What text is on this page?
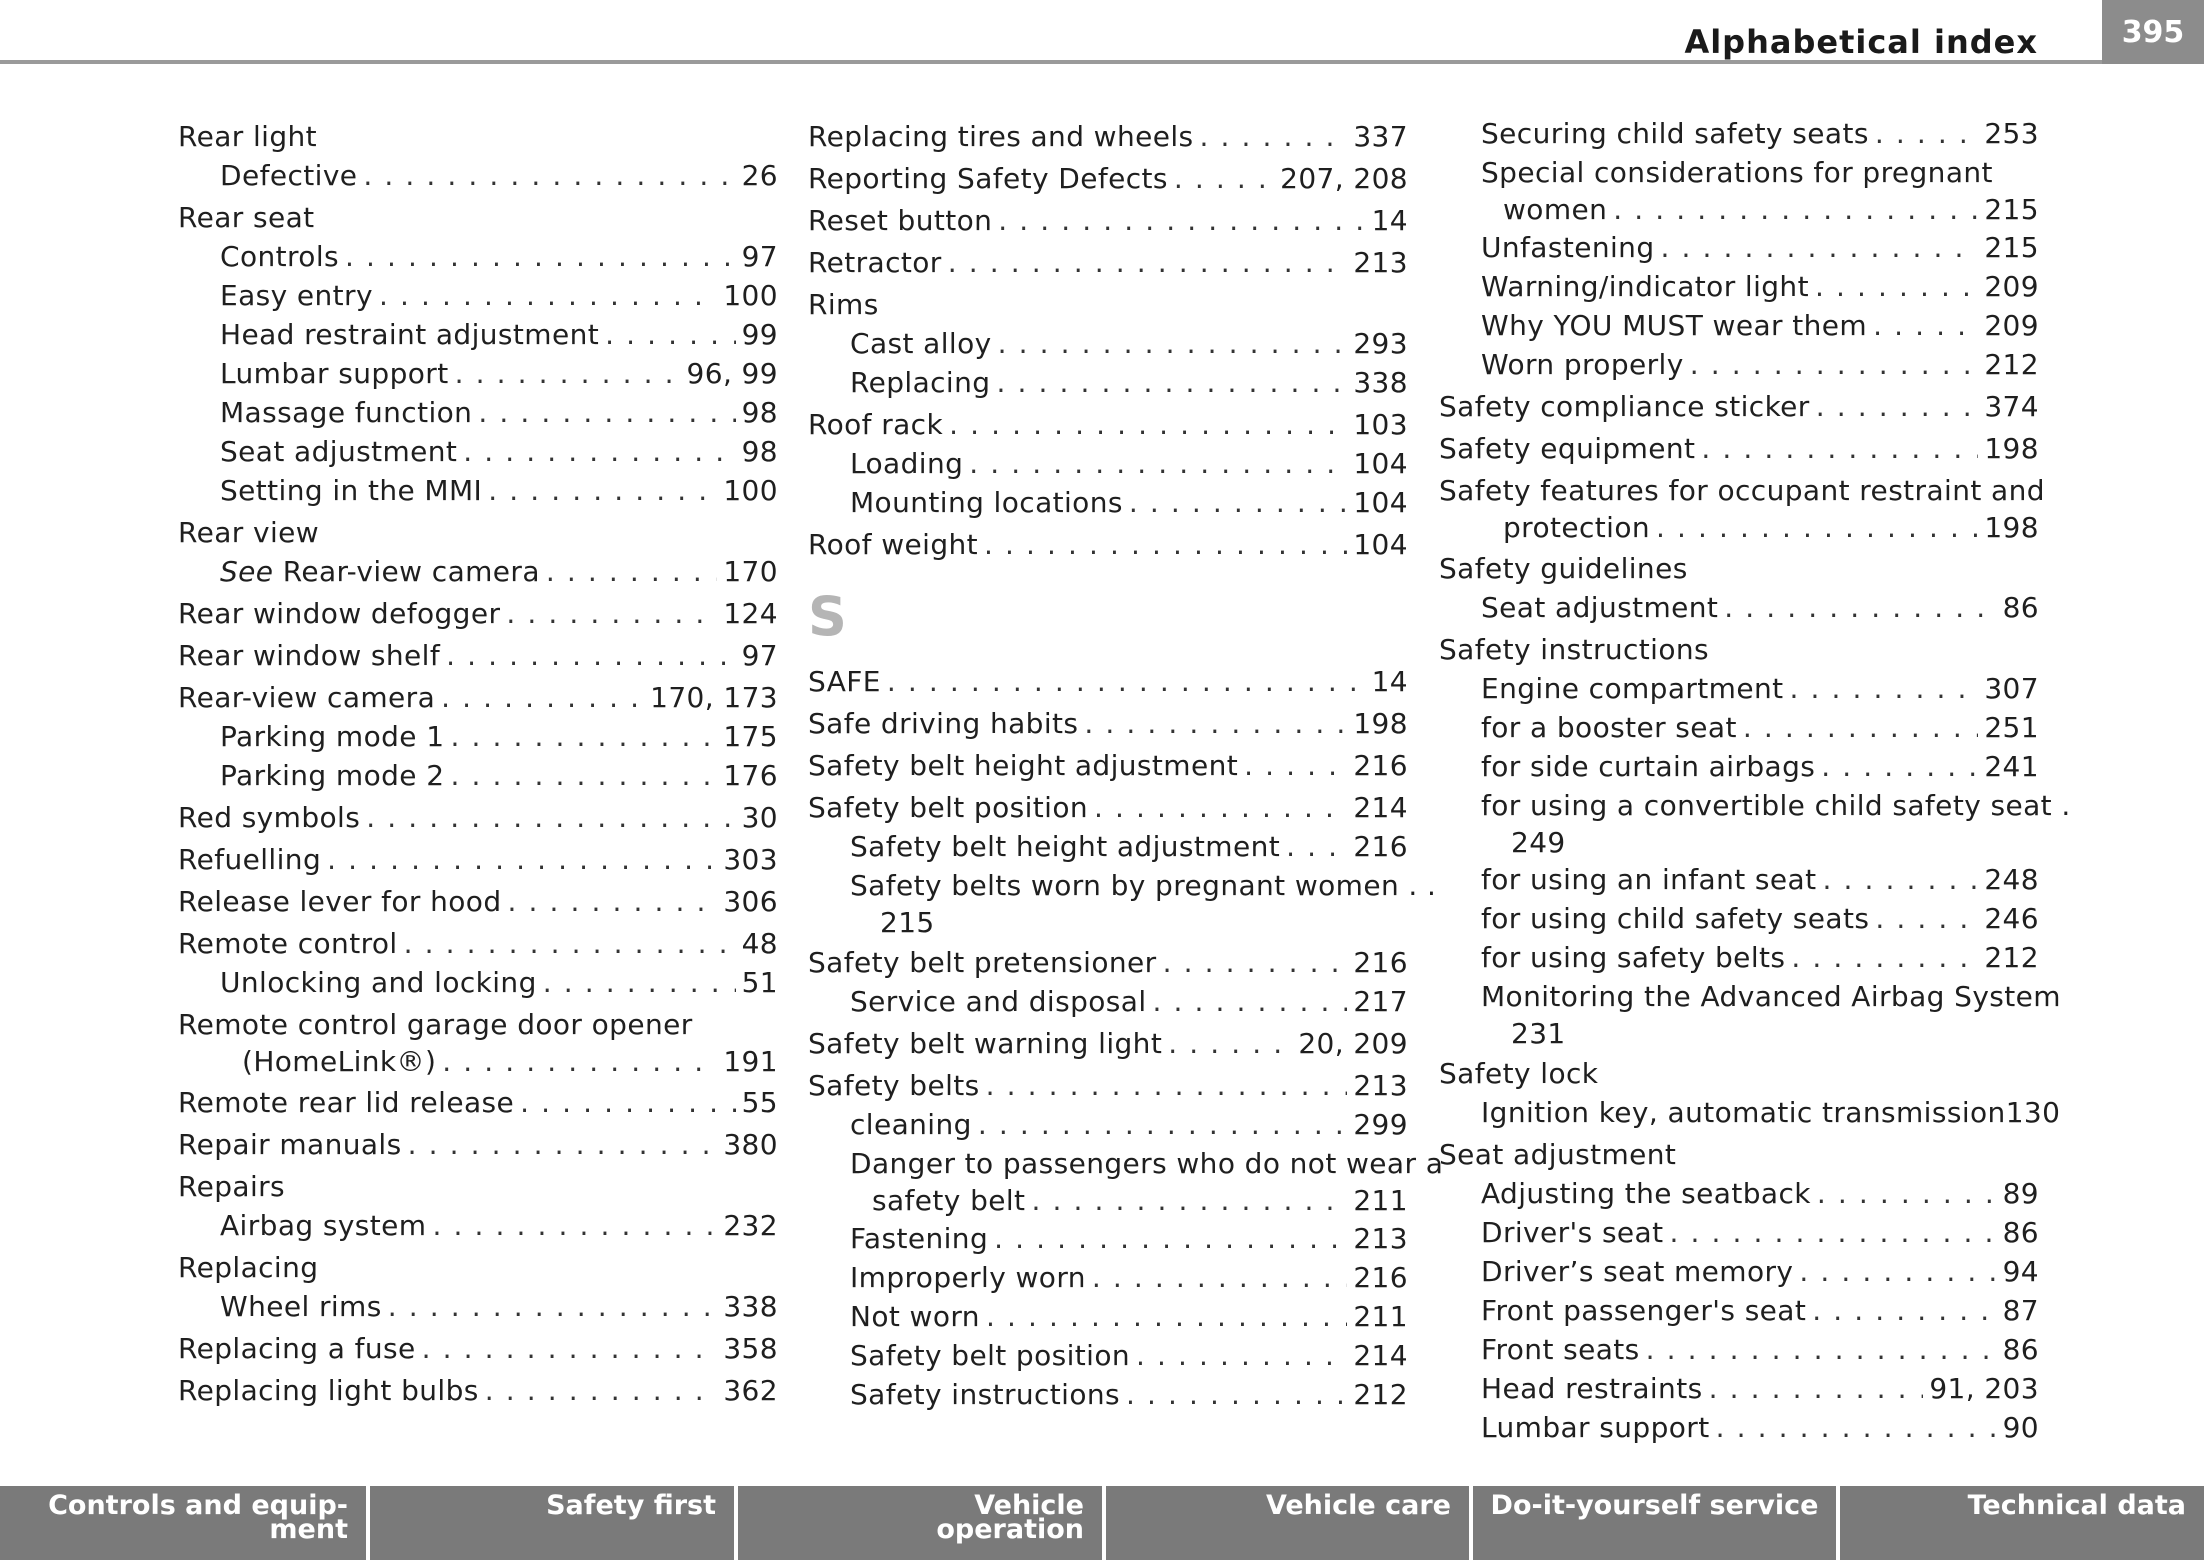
Alphabetical index	395
Rear light
Defective . . .	26
Rear seat
Controls . . .	97
Easy entry . . .	100
Head restraint adjustment . . .	99
Lumbar support . . .	96, 99
Massage function . . .	98
Seat adjustment . . .	98
Setting in the MMI . . .	100
Rear view
See Rear-view camera . . .	170
Rear window defogger . . .	124
Rear window shelf . . .	97
Rear-view camera . . .	170, 173
Parking mode 1 . . .	175
Parking mode 2 . . .	176
Red symbols . . .	30
Refuelling . . .	303
Release lever for hood . . .	306
Remote control . . .	48
Unlocking and locking . . .	51
Remote control garage door opener
(HomeLink®) . . .	191
Remote rear lid release . . .	55
Repair manuals . . .	380
Repairs
Airbag system . . .	232
Replacing
Wheel rims . . .	338
Replacing a fuse . . .	358
Replacing light bulbs . . .	362
Replacing tires and wheels . . .	337
Reporting Safety Defects . . .	207, 208
Reset button . . .	14
Retractor . . .	213
Rims
Cast alloy . . .	293
Replacing . . .	338
Roof rack . . .	103
Loading . . .	104
Mounting locations . . .	104
Roof weight . . .	104
S
SAFE . . .	14
Safe driving habits . . .	198
Safety belt height adjustment . . .	216
Safety belt position . . .	214
Safety belt height adjustment . . .	216
Safety belts worn by pregnant women . .
215
Safety belt pretensioner . . .	216
Service and disposal . . .	217
Safety belt warning light . . .	20, 209
Safety belts . . .	213
cleaning . . .	299
Danger to passengers who do not wear a
safety belt . . .	211
Fastening . . .	213
Improperly worn . . .	216
Not worn . . .	211
Safety belt position . . .	214
Safety instructions . . .	212
Securing child safety seats . . .	253
Special considerations for pregnant
women . . .	215
Unfastening . . .	215
Warning/indicator light . . .	209
Why YOU MUST wear them . . .	209
Worn properly . . .	212
Safety compliance sticker . . .	374
Safety equipment . . .	198
Safety features for occupant restraint and
protection . . .	198
Safety guidelines
Seat adjustment . . .	86
Safety instructions
Engine compartment . . .	307
for a booster seat . . .	251
for side curtain airbags . . .	241
for using a convertible child safety seat .
249
for using an infant seat . . .	248
for using child safety seats . . .	246
for using safety belts . . .	212
Monitoring the Advanced Airbag System
231
Safety lock
Ignition key, automatic transmission 130
Seat adjustment
Adjusting the seatback . . .	89
Driver's seat . . .	86
Driver’s seat memory . . .	94
Front passenger's seat . . .	87
Front seats . . .	86
Head restraints . . .	91, 203
Lumbar support . . .	90
Controls and equip-
ment
Safety first	Vehicle operation
Vehicle care Do-it-yourself service	Technical data
